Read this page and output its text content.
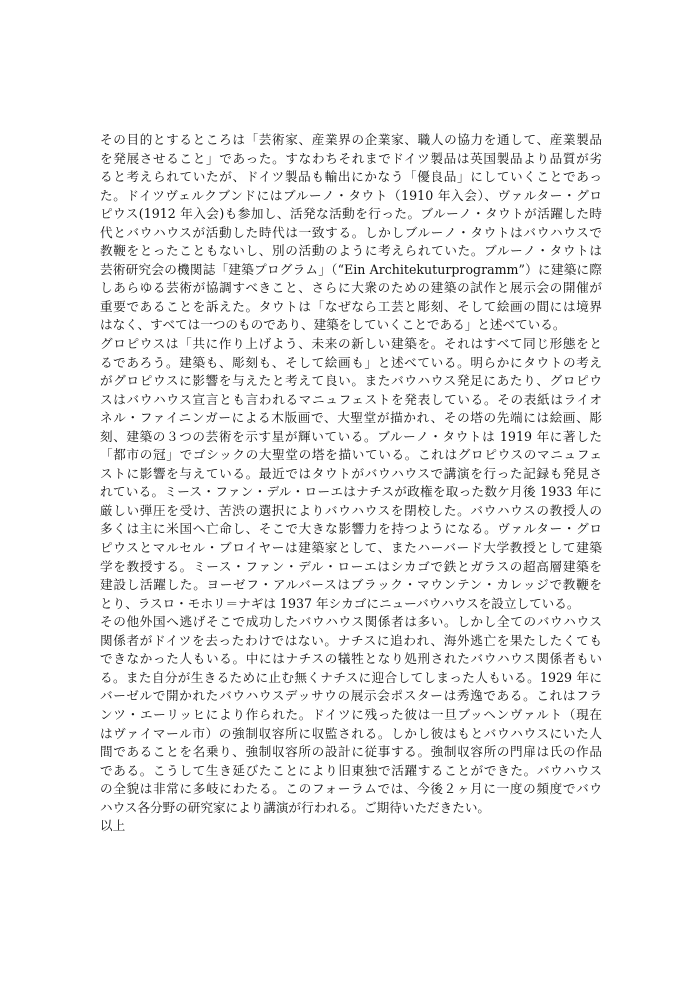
その目的とするところは「芸術家、産業界の企業家、職人の協力を通して、産業製品
を発展させること」であった。すなわちそれまでドイツ製品は英国製品より品質が劣
ると考えられていたが、ドイツ製品も輸出にかなう「優良品」にしていくことであっ
た。ドイツヴェルクブンドにはブルーノ・タウト（1910 年入会）、ヴァルター・グロ
ピウス(1912 年入会)も参加し、活発な活動を行った。ブルーノ・タウトが活躍した時
代とバウハウスが活動した時代は一致する。しかしブルーノ・タウトはバウハウスで
教鞭をとったこともないし、別の活動のように考えられていた。ブルーノ・タウトは
芸術研究会の機関誌「建築プログラム」（“Ein Architekuturprogramm”）に建築に際
しあらゆる芸術が協調すべきこと、さらに大衆のための建築の試作と展示会の開催が
重要であることを訴えた。タウトは「なぜなら工芸と彫刻、そして絵画の間には境界
はなく、すべては一つのものであり、建築をしていくことである」と述べている。
グロピウスは「共に作り上げよう、未来の新しい建築を。それはすべて同じ形態をと
るであろう。建築も、彫刻も、そして絵画も」と述べている。明らかにタウトの考え
がグロピウスに影響を与えたと考えて良い。またバウハウス発足にあたり、グロピウ
スはバウハウス宣言とも言われるマニュフェストを発表している。その表紙はライオ
ネル・ファイニンガーによる木版画で、大聖堂が描かれ、その塔の先端には絵画、彫
刻、建築の３つの芸術を示す星が輝いている。ブルーノ・タウトは 1919 年に著した
「都市の冠」でゴシックの大聖堂の塔を描いている。これはグロピウスのマニュフェ
ストに影響を与えている。最近ではタウトがバウハウスで講演を行った記録も発見さ
れている。ミース・ファン・デル・ローエはナチスが政権を取った数ケ月後 1933 年に
厳しい弾圧を受け、苦渋の選択によりバウハウスを閉校した。バウハウスの教授人の
多くは主に米国へ亡命し、そこで大きな影響力を持つようになる。ヴァルター・グロ
ピウスとマルセル・ブロイヤーは建築家として、またハーバード大学教授として建築
学を教授する。ミース・ファン・デル・ローエはシカゴで鉄とガラスの超高層建築を
建設し活躍した。ヨーゼフ・アルバースはブラック・マウンテン・カレッジで教鞭を
とり、ラスロ・モホリ＝ナギは 1937 年シカゴにニューバウハウスを設立している。
その他外国へ逃げそこで成功したバウハウス関係者は多い。しかし全てのバウハウス
関係者がドイツを去ったわけではない。ナチスに追われ、海外逃亡を果たしたくても
できなかった人もいる。中にはナチスの犠牲となり処刑されたバウハウス関係者もい
る。また自分が生きるために止む無くナチスに迎合してしまった人もいる。1929 年に
バーゼルで開かれたバウハウスデッサウの展示会ポスターは秀逸である。これはフラ
ンツ・エーリッヒにより作られた。ドイツに残った彼は一旦ブッヘンヴァルト（現在
はヴァイマール市）の強制収容所に収監される。しかし彼はもとバウハウスにいた人
間であることを名乗り、強制収容所の設計に従事する。強制収容所の門扉は氏の作品
である。こうして生き延びたことにより旧東独で活躍することができた。バウハウス
の全貌は非常に多岐にわたる。このフォーラムでは、今後２ヶ月に一度の頻度でバウ
ハウス各分野の研究家により講演が行われる。ご期待いただきたい。
以上
